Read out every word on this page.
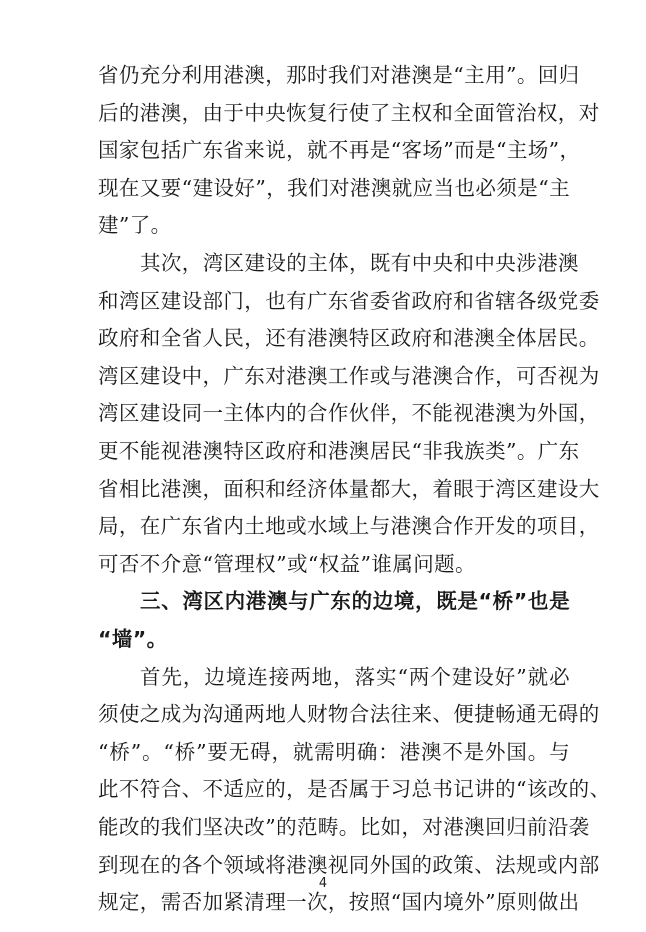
省仍充分利用港澳，那时我们对港澳是“主用”。回归
后的港澳，由于中央恢复行使了主权和全面管治权，对
国家包括广东省来说，就不再是“客场”而是“主场”，
现在又要“建设好”，我们对港澳就应当也必须是“主
建”了。
其次，湾区建设的主体，既有中央和中央涉港澳
和湾区建设部门，也有广东省委省政府和省辖各级党委
政府和全省人民，还有港澳特区政府和港澳全体居民。
湾区建设中，广东对港澳工作或与港澳合作，可否视为
湾区建设同一主体内的合作伙伴，不能视港澳为外国，
更不能视港澳特区政府和港澳居民“非我族类”。广东
省相比港澳，面积和经济体量都大，着眼于湾区建设大
局，在广东省内土地或水域上与港澳合作开发的项目，
可否不介意“管理权”或“权益”谁属问题。
三、湾区内港澳与广东的边境，既是“桥”也是
“墙”。
首先，边境连接两地，落实“两个建设好”就必
须使之成为沟通两地人财物合法往来、便捷畅通无碍的
“桥”。“桥”要无碍，就需明确：港澳不是外国。与
此不符合、不适应的，是否属于习总书记讲的“该改的、
能改的我们坚决改”的范畴。比如，对港澳回归前沿袭
到现在的各个领域将港澳视同外国的政策、法规或内部
4
规定，需否加紧清理一次，按照“国内境外”原则做出
